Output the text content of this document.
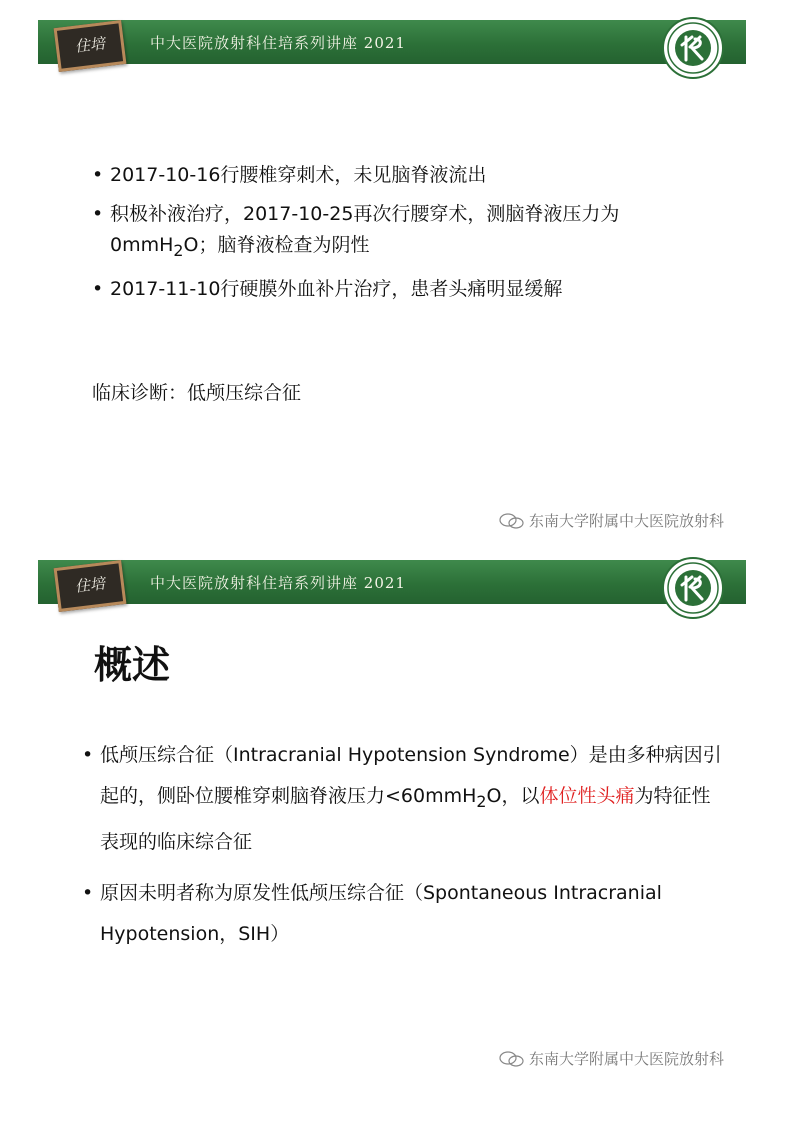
中大医院放射科住培系列讲座 2021
住培
• 2017-10-16行腰椎穿刺术，未见脑脊液流出
• 积极补液治疗，2017-10-25再次行腰穿术，测脑脊液压力为0mmH$_2$O；脑脊液检查为阴性
• 2017-11-10行硬膜外血补片治疗，患者头痛明显缓解
临床诊断：低颅压综合征
东南大学附属中大医院放射科
中大医院放射科住培系列讲座 2021
住培
概述
• 低颅压综合征（Intracranial Hypotension Syndrome）是由多种病因引起的，侧卧位腰椎穿刺脑脊液压力<60mmH$_2$O，以体位性头痛为特征性表现的临床综合征
• 原因未明者称为原发性低颅压综合征（Spontaneous Intracranial Hypotension，SIH）
东南大学附属中大医院放射科
